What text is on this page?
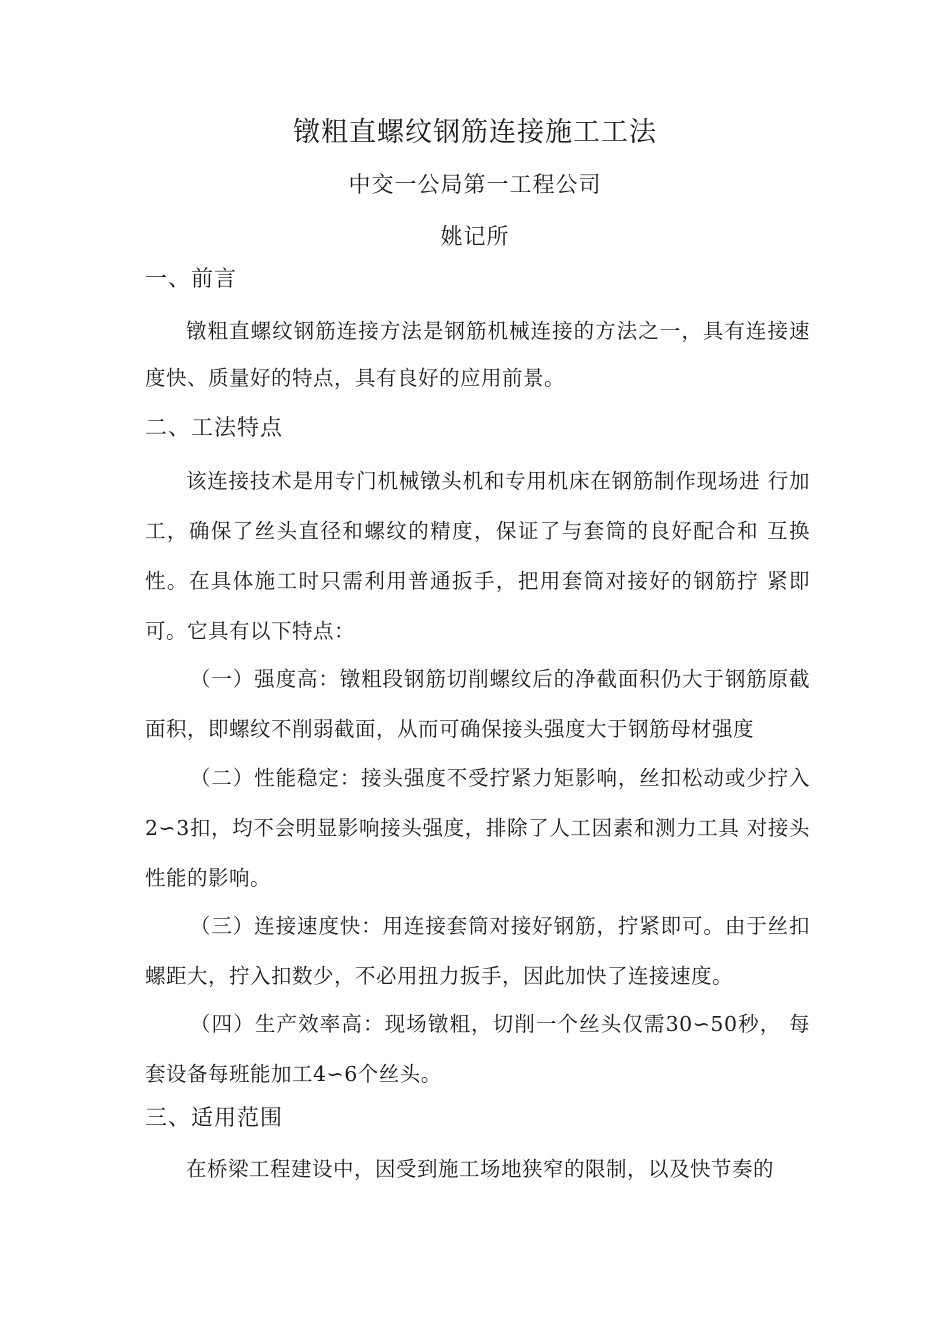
镦粗直螺纹钢筋连接施工工法
中交一公局第一工程公司
姚记所
一、前言
镦粗直螺纹钢筋连接方法是钢筋机械连接的方法之一，具有连接速度快、质量好的特点，具有良好的应用前景。
二、工法特点
该连接技术是用专门机械镦头机和专用机床在钢筋制作现场进 行加工，确保了丝头直径和螺纹的精度，保证了与套筒的良好配合和 互换性。在具体施工时只需利用普通扳手，把用套筒对接好的钢筋拧 紧即可。它具有以下特点：
（一）强度高：镦粗段钢筋切削螺纹后的净截面积仍大于钢筋原截面积，即螺纹不削弱截面，从而可确保接头强度大于钢筋母材强度
（二）性能稳定：接头强度不受拧紧力矩影响，丝扣松动或少拧入2∽3扣，均不会明显影响接头强度，排除了人工因素和测力工具 对接头性能的影响。
（三）连接速度快：用连接套筒对接好钢筋，拧紧即可。由于丝扣螺距大，拧入扣数少，不必用扭力扳手，因此加快了连接速度。
（四）生产效率高：现场镦粗，切削一个丝头仅需30∽50秒， 每套设备每班能加工4∽6个丝头。
三、适用范围
在桥梁工程建设中，因受到施工场地狭窄的限制，以及快节奏的
